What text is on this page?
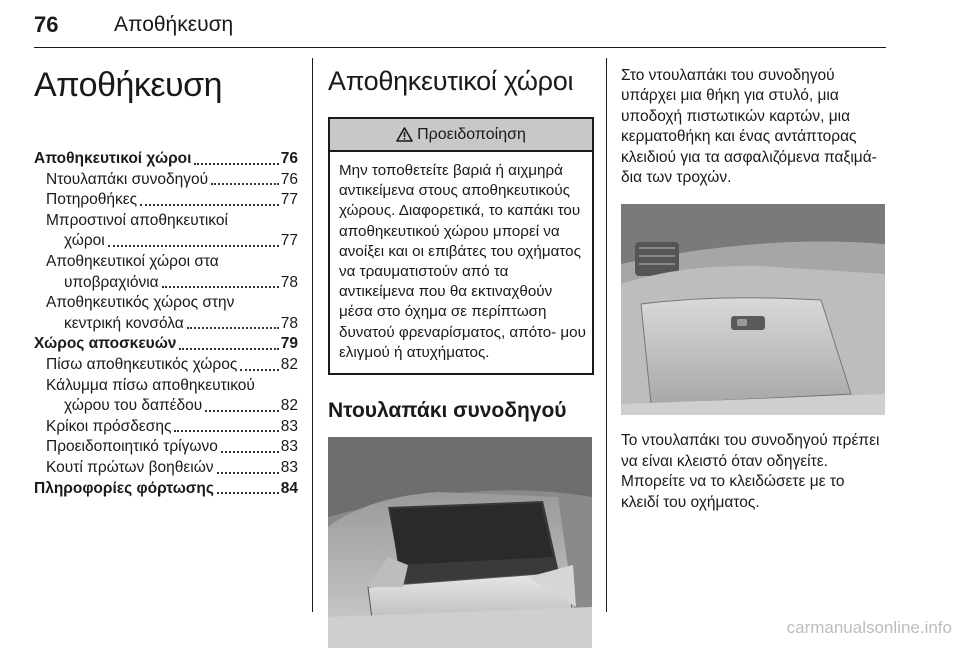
76	Αποθήκευση
Αποθήκευση
Αποθηκευτικοί χώροι	76
Ντουλαπάκι συνοδηγού	76
Ποτηροθήκες	77
Μπροστινοί αποθηκευτικοί
χώροι	77
Αποθηκευτικοί χώροι στα
υποβραχιόνια	78
Αποθηκευτικός χώρος στην
κεντρική κονσόλα	78
Χώρος αποσκευών	79
Πίσω αποθηκευτικός χώρος	82
Κάλυμμα πίσω αποθηκευτικού
χώρου του δαπέδου	82
Κρίκοι πρόσδεσης	83
Προειδοποιητικό τρίγωνο	83
Κουτί πρώτων βοηθειών	83
Πληροφορίες φόρτωσης	84
Αποθηκευτικοί χώροι
Προειδοποίηση
Μην τοποθετείτε βαριά ή αιχμηρά αντικείμενα στους αποθηκευτικούς χώρους. Διαφορετικά, το καπάκι του αποθηκευτικού χώρου μπορεί να ανοίξει και οι επιβάτες του οχήματος να τραυματιστούν από τα αντικείμενα που θα εκτιναχθούν μέσα στο όχημα σε περίπτωση δυνατού φρεναρίσματος, απότο‐ μου ελιγμού ή ατυχήματος.
Ντουλαπάκι συνοδηγού
Στο ντουλαπάκι του συνοδηγού υπάρχει μια θήκη για στυλό, μια υποδοχή πιστωτικών καρτών, μια κερματοθήκη και ένας αντάπτορας κλειδιού για τα ασφαλιζόμενα παξιμά‐ δια των τροχών.
Το ντουλαπάκι του συνοδηγού πρέπει να είναι κλειστό όταν οδηγείτε. Μπορείτε να το κλειδώσετε με το κλειδί του οχήματος.
carmanualsonline.info
